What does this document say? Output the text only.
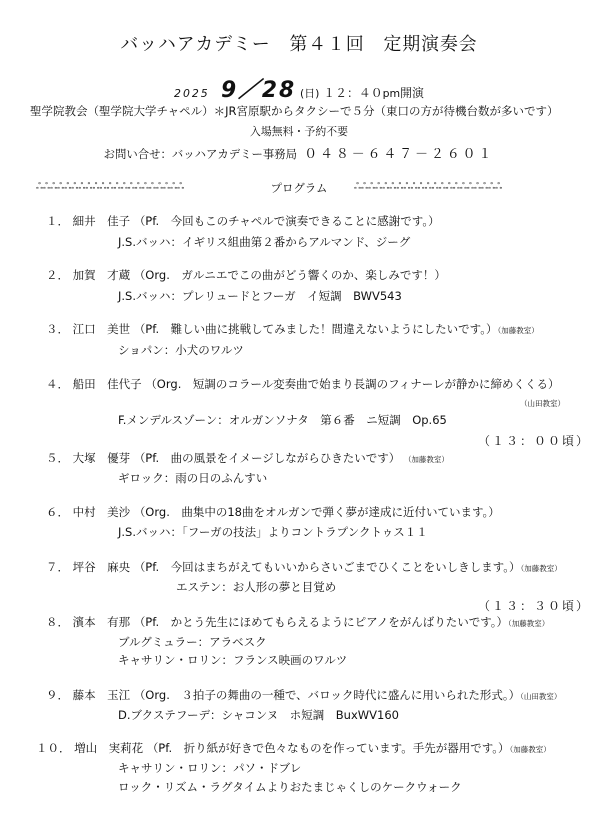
バッハアカデミー　第４１回　定期演奏会
2025 9／28 (日) １２：４０pm開演
聖学院教会（聖学院大学チャペル）＊JR宮原駅からタクシーで５分（東口の方が待機台数が多いです）
入場無料・予約不要
お問い合せ：バッハアカデミー事務局 ０４８－６４７－２６０１
ஃஃஃஃஃஃஃஃஃஃஃஃஃஃஃஃஃஃஃஃஃ	プログラム	ஃஃஃஃஃஃஃஃஃஃஃஃஃஃஃஃஃஃஃஃஃ
１． 細井　佳子 （Pf.　今回もこのチャペルで演奏できることに感謝です。）
J.S.バッハ：イギリス組曲第２番からアルマンド、ジーグ
２． 加賀　才蔵 （Org.　ガルニエでこの曲がどう響くのか、楽しみです！）
J.S.バッハ：プレリュードとフーガ　イ短調　BWV543
３． 江口　美世 （Pf.　難しい曲に挑戦してみました！間違えないようにしたいです。）（加藤教室）
ショパン：小犬のワルツ
４． 船田　佳代子 （Org.　短調のコラール変奏曲で始まり長調のフィナーレが静かに締めくくる）
（山田教室）
F.メンデルスゾーン：オルガンソナタ　第６番　ニ短調　Op.65
（１３：００頃）
５． 大塚　優芽 （Pf.　曲の風景をイメージしながらひきたいです） （加藤教室）
ギロック：雨の日のふんすい
６． 中村　美沙 （Org.　曲集中の18曲をオルガンで弾く夢が達成に近付いています。）
J.S.バッハ：「フーガの技法」よりコントラプンクトゥス１１
７． 坪谷　麻央 （Pf.　今回はまちがえてもいいからさいごまでひくことをいしきします。）（加藤教室）
エステン：お人形の夢と目覚め
（１３：３０頃）
８． 濱本　有那 （Pf.　かとう先生にほめてもらえるようにピアノをがんばりたいです。）（加藤教室）
ブルグミュラー：アラベスク
キャサリン・ロリン：フランス映画のワルツ
９． 藤本　玉江 （Org.　３拍子の舞曲の一種で、バロック時代に盛んに用いられた形式。）（山田教室）
D.ブクステフーデ：シャコンヌ　ホ短調　BuxWV160
１０． 増山　実莉花 （Pf.　折り紙が好きで色々なものを作っています。手先が器用です。）（加藤教室）
キャサリン・ロリン：パソ・ドブレ
ロック・リズム・ラグタイムよりおたまじゃくしのケークウォーク
